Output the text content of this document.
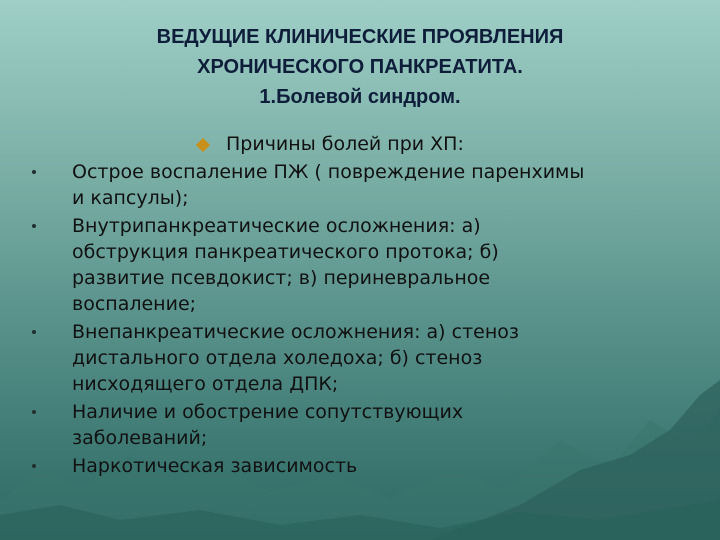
ВЕДУЩИЕ КЛИНИЧЕСКИЕ ПРОЯВЛЕНИЯ
ХРОНИЧЕСКОГО ПАНКРЕАТИТА.
1.Болевой синдром.
Причины болей при ХП:
Острое воспаление ПЖ ( повреждение паренхимы
и капсулы);
Внутрипанкреатические осложнения: а)
обструкция панкреатического протока; б)
развитие псевдокист; в) периневральное
воспаление;
Внепанкреатические осложнения: а) стеноз
дистального отдела холедоха; б) стеноз
нисходящего отдела ДПК;
Наличие и обострение сопутствующих
заболеваний;
Наркотическая зависимость
